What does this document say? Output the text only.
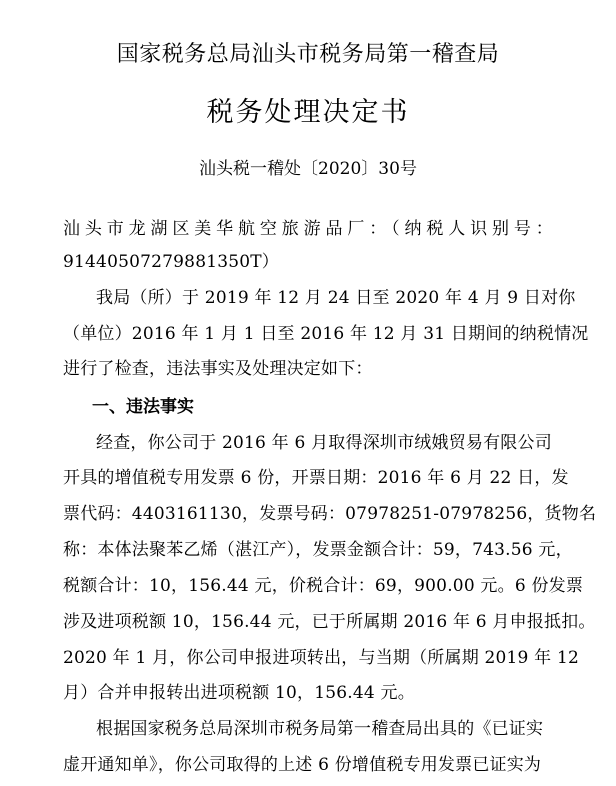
国家税务总局汕头市税务局第一稽查局
税务处理决定书
汕头税一稽处〔2020〕30号
汕头市龙湖区美华航空旅游品厂：（纳税人识别号：
91440507279881350T）
我局（所）于 2019 年 12 月 24 日至 2020 年 4 月 9 日对你
（单位）2016 年 1 月 1 日至 2016 年 12 月 31 日期间的纳税情况
进行了检查，违法事实及处理决定如下：
一、违法事实
经查，你公司于 2016 年 6 月取得深圳市绒娥贸易有限公司
开具的增值税专用发票 6 份，开票日期：2016 年 6 月 22 日，发
票代码：4403161130，发票号码：07978251-07978256，货物名
称：本体法聚苯乙烯（湛江产），发票金额合计：59，743.56 元，
税额合计：10，156.44 元，价税合计：69，900.00 元。6 份发票
涉及进项税额 10，156.44 元，已于所属期 2016 年 6 月申报抵扣。
2020 年 1 月，你公司申报进项转出，与当期（所属期 2019 年 12
月）合并申报转出进项税额 10，156.44 元。
根据国家税务总局深圳市税务局第一稽查局出具的《已证实
虚开通知单》，你公司取得的上述 6 份增值税专用发票已证实为
